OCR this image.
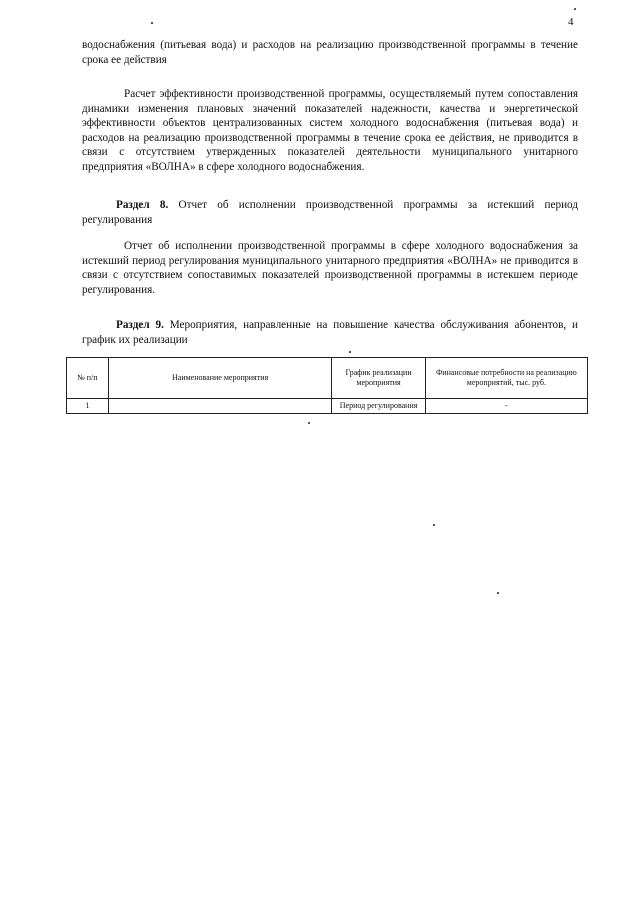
4
водоснабжения (питьевая вода) и расходов на реализацию производственной программы в течение срока ее действия
Расчет эффективности производственной программы, осуществляемый путем сопоставления динамики изменения плановых значений показателей надежности, качества и энергетической эффективности объектов централизованных систем холодного водоснабжения (питьевая вода) и расходов на реализацию производственной программы в течение срока ее действия, не приводится в связи с отсутствием утвержденных показателей деятельности муниципального унитарного предприятия «ВОЛНА» в сфере холодного водоснабжения.
Раздел 8. Отчет об исполнении производственной программы за истекший период регулирования
Отчет об исполнении производственной программы в сфере холодного водоснабжения за истекший период регулирования муниципального унитарного предприятия «ВОЛНА» не приводится в связи с отсутствием сопоставимых показателей производственной программы в истекшем периоде регулирования.
Раздел 9. Мероприятия, направленные на повышение качества обслуживания абонентов, и график их реализации
№ п/п	Наименование мероприятия	График реализации мероприятия	Финансовые потребности на реализацию мероприятий, тыс. руб.
1		Период регулирования	-
